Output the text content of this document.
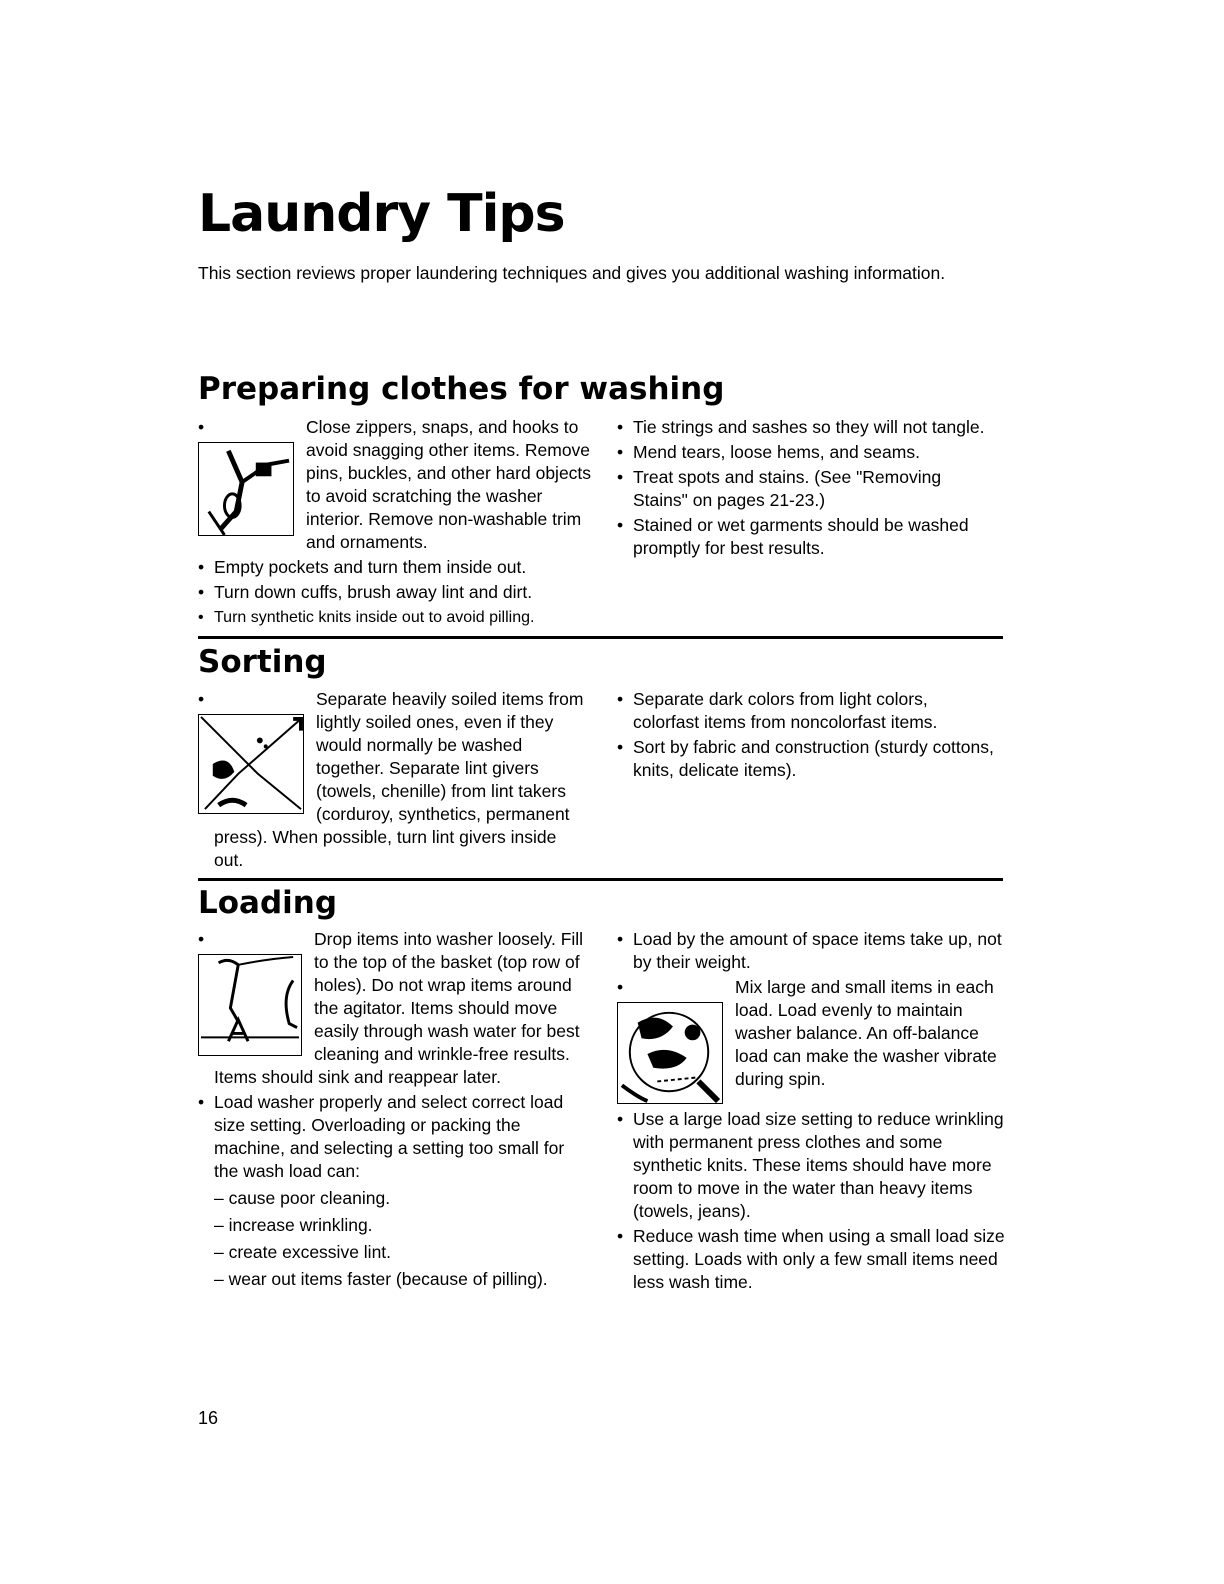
Laundry Tips

This section reviews proper laundering techniques and gives you additional washing information.

Preparing clothes for washing
• Close zippers, snaps, and hooks to avoid snagging other items. Remove pins, buckles, and other hard objects to avoid scratching the washer interior. Remove non-washable trim and ornaments.
• Empty pockets and turn them inside out.
• Turn down cuffs, brush away lint and dirt.
• Turn synthetic knits inside out to avoid pilling.
• Tie strings and sashes so they will not tangle.
• Mend tears, loose hems, and seams.
• Treat spots and stains. (See "Removing Stains" on pages 21-23.)
• Stained or wet garments should be washed promptly for best results.
Sorting
• Separate heavily soiled items from lightly soiled ones, even if they would normally be washed together. Separate lint givers (towels, chenille) from lint takers (corduroy, synthetics, permanent press). When possible, turn lint givers inside out.
• Separate dark colors from light colors, colorfast items from noncolorfast items.
• Sort by fabric and construction (sturdy cottons, knits, delicate items).
Loading
• Drop items into washer loosely. Fill to the top of the basket (top row of holes). Do not wrap items around the agitator. Items should move easily through wash water for best cleaning and wrinkle-free results. Items should sink and reappear later.
• Load washer properly and select correct load size setting. Overloading or packing the machine, and selecting a setting too small for the wash load can:
– cause poor cleaning.
– increase wrinkling.
– create excessive lint.
– wear out items faster (because of pilling).
• Load by the amount of space items take up, not by their weight.
• Mix large and small items in each load. Load evenly to maintain washer balance. An off-balance load can make the washer vibrate during spin.
• Use a large load size setting to reduce wrinkling with permanent press clothes and some synthetic knits. These items should have more room to move in the water than heavy items (towels, jeans).
• Reduce wash time when using a small load size setting. Loads with only a few small items need less wash time.
16
